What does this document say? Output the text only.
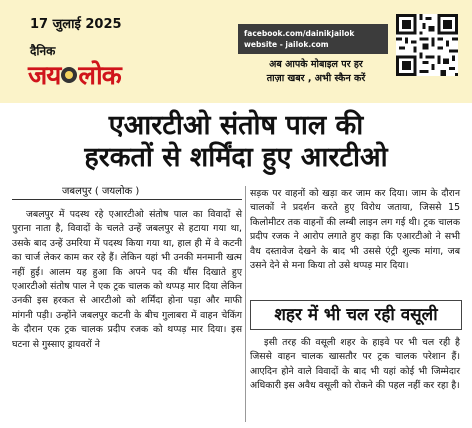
17 जुलाई 2025
दैनिक
जय लोक
facebook.com/dainikjailok
website - jailok.com
अब आपके मोबाइल पर हर
ताज़ा खबर , अभी स्कैन करें
एआरटीओ संतोष पाल की
हरकतों से शर्मिंदा हुए आरटीओ
जबलपुर ( जयलोक )

जबलपुर में पदस्थ रहे एआरटीओ संतोष पाल का विवादों से पुराना नाता है, विवादों के चलते उन्हें जबलपुर से हटाया गया था, उसके बाद उन्हें उमरिया में पदस्थ किया गया था, हाल ही में वे कटनी का चार्ज लेकर काम कर रहे हैं। लेकिन यहां भी उनकी मनमानी खत्म नहीं हुई। आलम यह हुआ कि अपने पद की धौंस दिखाते हुए एआरटीओ संतोष पाल ने एक ट्रक चालक को थप्पड़ मार दिया लेकिन उनकी इस हरकत से आरटीओ को शर्मिंदा होना पड़ा और माफी मांगनी पड़ी। उन्होंने जबलपुर कटनी के बीच गुलाबरा में वाहन चेकिंग के दौरान एक ट्रक चालक प्रदीप रजक को थप्पड़ मार दिया। इस घटना से गुस्साए ड्रायवरों ने

सड़क पर वाहनों को खड़ा कर जाम कर दिया। जाम के दौरान चालकों ने प्रदर्शन करते हुए विरोध जताया, जिससे 15 किलोमीटर तक वाहनों की लम्बी लाइन लग गई थी। ट्रक चालक प्रदीप रजक ने आरोप लगाते हुए कहा कि एआरटीओ ने सभी वैध दस्तावेज देखने के बाद भी उससे एंट्री शुल्क मांगा, जब उसने देने से मना किया तो उसे थप्पड़ मार दिया।

शहर में भी चल रही वसूली

इसी तरह की वसूली शहर के हाइवे पर भी चल रही है जिससे वाहन चालक खासतौर पर ट्रक चालक परेशान हैं। आएदिन होने वाले विवादों के बाद भी यहां कोई भी जिम्मेदार अधिकारी इस अवैध वसूली को रोकने की पहल नहीं कर रहा है।
